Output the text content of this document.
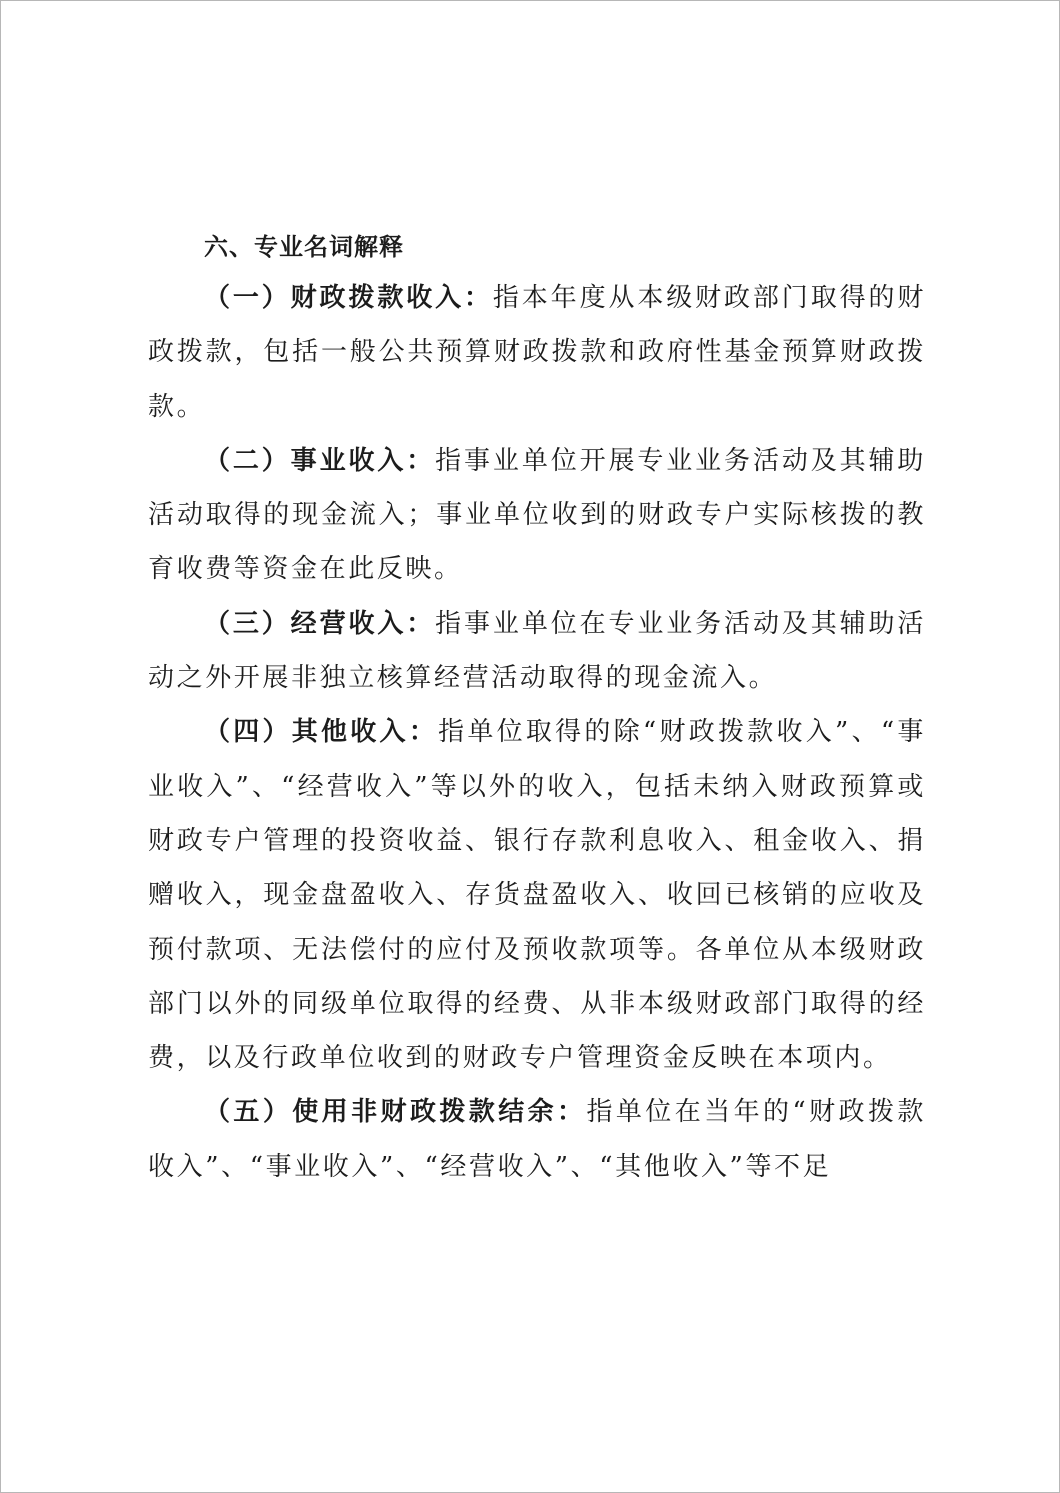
六、专业名词解释

（一）财政拨款收入：指本年度从本级财政部门取得的财政拨款，包括一般公共预算财政拨款和政府性基金预算财政拨款。

（二）事业收入：指事业单位开展专业业务活动及其辅助活动取得的现金流入；事业单位收到的财政专户实际核拨的教育收费等资金在此反映。

（三）经营收入：指事业单位在专业业务活动及其辅助活动之外开展非独立核算经营活动取得的现金流入。

（四）其他收入：指单位取得的除“财政拨款收入”、“事业收入”、“经营收入”等以外的收入，包括未纳入财政预算或财政专户管理的投资收益、银行存款利息收入、租金收入、捐赠收入，现金盘盈收入、存货盘盈收入、收回已核销的应收及预付款项、无法偿付的应付及预收款项等。各单位从本级财政部门以外的同级单位取得的经费、从非本级财政部门取得的经费，以及行政单位收到的财政专户管理资金反映在本项内。

（五）使用非财政拨款结余：指单位在当年的“财政拨款收入”、“事业收入”、“经营收入”、“其他收入”等不足
